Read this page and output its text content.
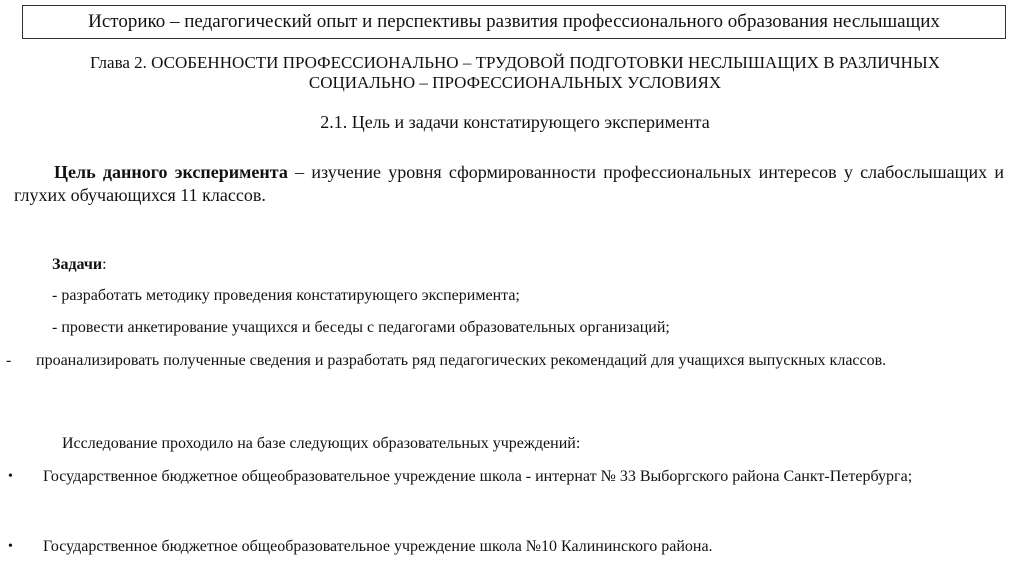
Историко – педагогический опыт и перспективы развития профессионального образования неслышащих
Глава 2. ОСОБЕННОСТИ ПРОФЕССИОНАЛЬНО – ТРУДОВОЙ ПОДГОТОВКИ НЕСЛЫШАЩИХ В РАЗЛИЧНЫХ
СОЦИАЛЬНО – ПРОФЕССИОНАЛЬНЫХ УСЛОВИЯХ
2.1. Цель и задачи констатирующего эксперимента
Цель данного эксперимента – изучение уровня сформированности профессиональных интересов у слабослышащих и глухих обучающихся 11 классов.
Задачи:
- разработать методику проведения констатирующего эксперимента;
- провести анкетирование учащихся и беседы с педагогами образовательных организаций;
- проанализировать полученные сведения и разработать ряд педагогических рекомендаций для учащихся выпускных классов.
Исследование проходило на базе следующих образовательных учреждений:
• Государственное бюджетное общеобразовательное учреждение школа - интернат № 33 Выборгского района Санкт-Петербурга;
• Государственное бюджетное общеобразовательное учреждение школа №10 Калининского района.
